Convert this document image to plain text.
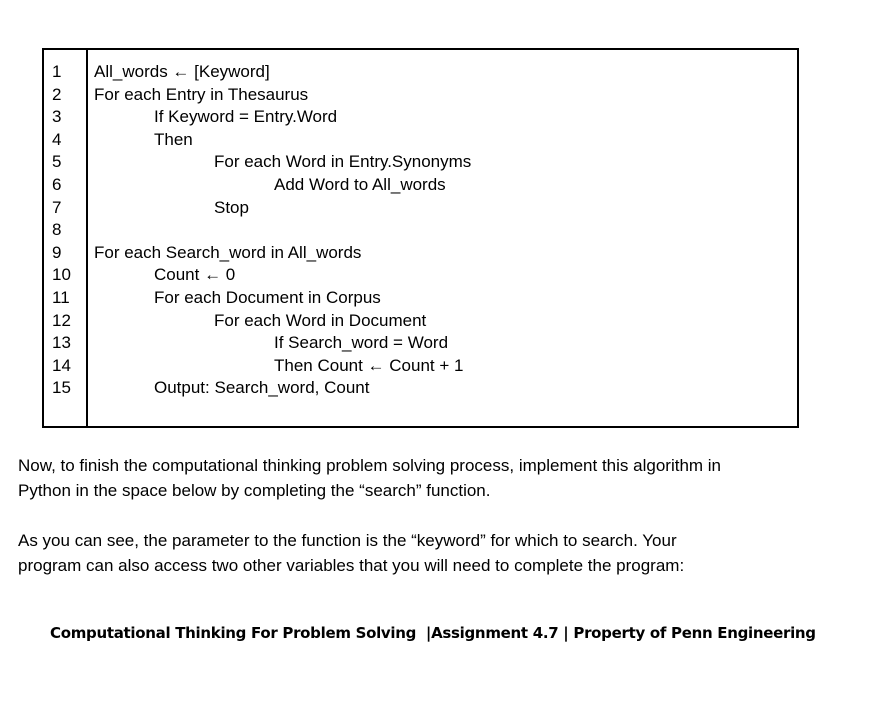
1
2
3
4
5
6
7
8
9
10
11
12
13
14
15
All_words ← [Keyword]
For each Entry in Thesaurus
If Keyword = Entry.Word
Then
For each Word in Entry.Synonyms
Add Word to All_words
Stop
For each Search_word in All_words
Count ← 0
For each Document in Corpus
For each Word in Document
If Search_word = Word
Then Count ← Count + 1
Output: Search_word, Count

Now, to finish the computational thinking problem solving process, implement this algorithm in
Python in the space below by completing the “search” function.

As you can see, the parameter to the function is the “keyword” for which to search. Your
program can also access two other variables that you will need to complete the program:

Computational Thinking For Problem Solving  |Assignment 4.7 | Property of Penn Engineering
